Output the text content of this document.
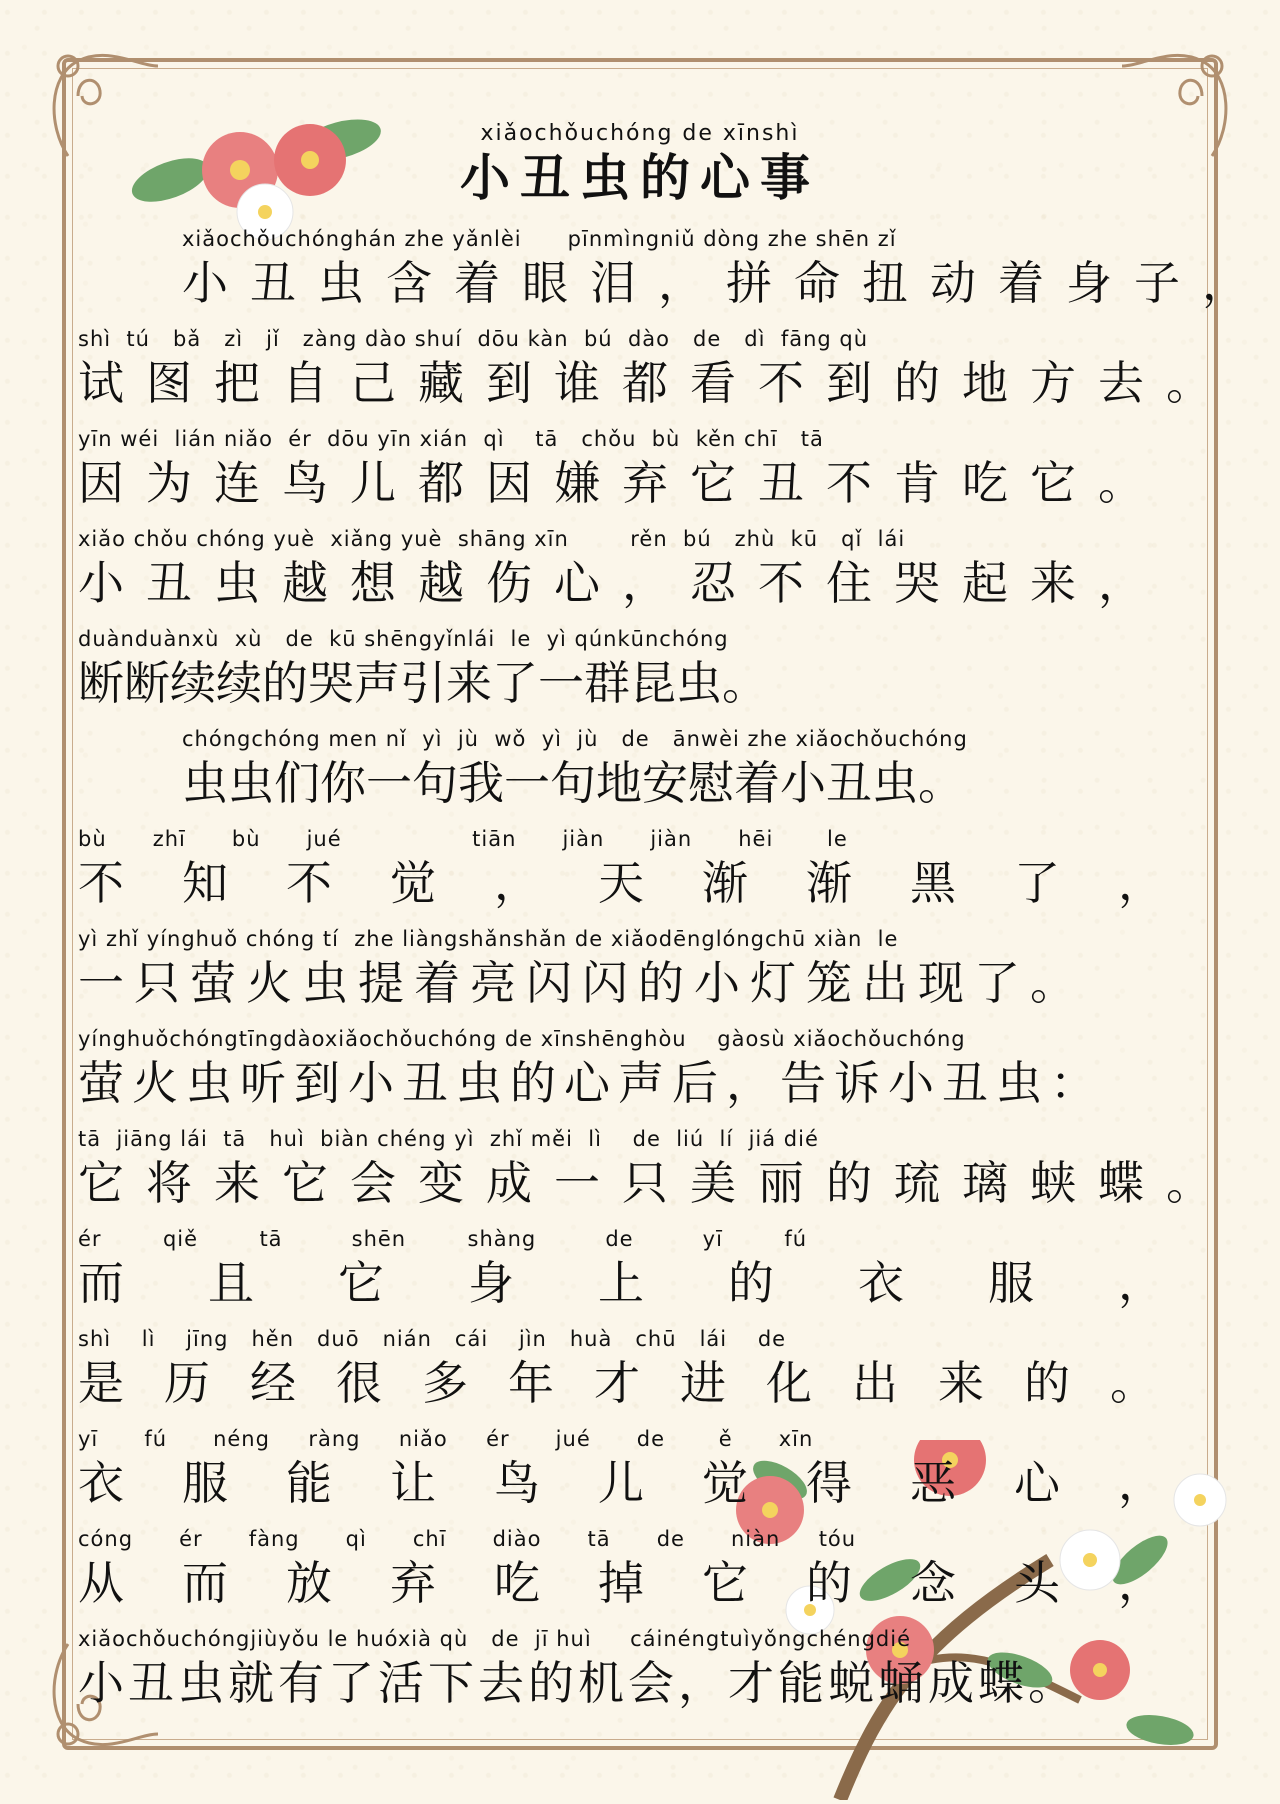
xiǎochǒuchóng de xīnshì
小丑虫的心事
xiǎochǒuchónghán zhe yǎnlèi      pīnmìngniǔ dòng zhe shēn zǐ
小丑虫含着眼泪，拼命扭动着身子，
shì  tú   bǎ   zì   jǐ   zàng dào shuí  dōu kàn  bú  dào   de   dì  fāng qù
试图把自己藏到谁都看不到的地方去。
yīn wéi  lián niǎo  ér  dōu yīn xián  qì    tā   chǒu  bù  kěn chī   tā
因为连鸟儿都因嫌弃它丑不肯吃它。
xiǎo chǒu chóng yuè  xiǎng yuè  shāng xīn        rěn  bú   zhù  kū   qǐ  lái
小丑虫越想越伤心，忍不住哭起来，
duànduànxù  xù   de  kū shēngyǐnlái  le  yì qúnkūnchóng
断断续续的哭声引来了一群昆虫。
chóngchóng men nǐ  yì  jù  wǒ  yì  jù   de   ānwèi zhe xiǎochǒuchóng
虫虫们你一句我一句地安慰着小丑虫。
bù      zhī      bù      jué                 tiān      jiàn      jiàn      hēi       le
不知不觉，天渐渐黑了，
yì zhǐ yínghuǒ chóng tí  zhe liàngshǎnshǎn de xiǎodēnglóngchū xiàn  le
一只萤火虫提着亮闪闪的小灯笼出现了。
yínghuǒchóngtīngdàoxiǎochǒuchóng de xīnshēnghòu    gàosù xiǎochǒuchóng
萤火虫听到小丑虫的心声后，告诉小丑虫：
tā  jiāng lái  tā   huì  biàn chéng yì  zhǐ měi  lì    de  liú  lí  jiá dié
它将来它会变成一只美丽的琉璃蛱蝶。
ér        qiě        tā         shēn        shàng         de         yī        fú
而且它身上的衣服，
shì    lì    jīng   hěn   duō   nián   cái    jìn   huà   chū   lái    de
是历经很多年才进化出来的。
yī      fú      néng     ràng     niǎo     ér      jué      de       ě      xīn
衣服能让鸟儿觉得恶心，
cóng      ér      fàng      qì      chī      diào      tā      de      niàn     tóu
从而放弃吃掉它的念头，
xiǎochǒuchóngjiùyǒu le huóxià qù   de  jī huì     cáinéngtuìyǒngchéngdié
小丑虫就有了活下去的机会，才能蜕蛹成蝶。
